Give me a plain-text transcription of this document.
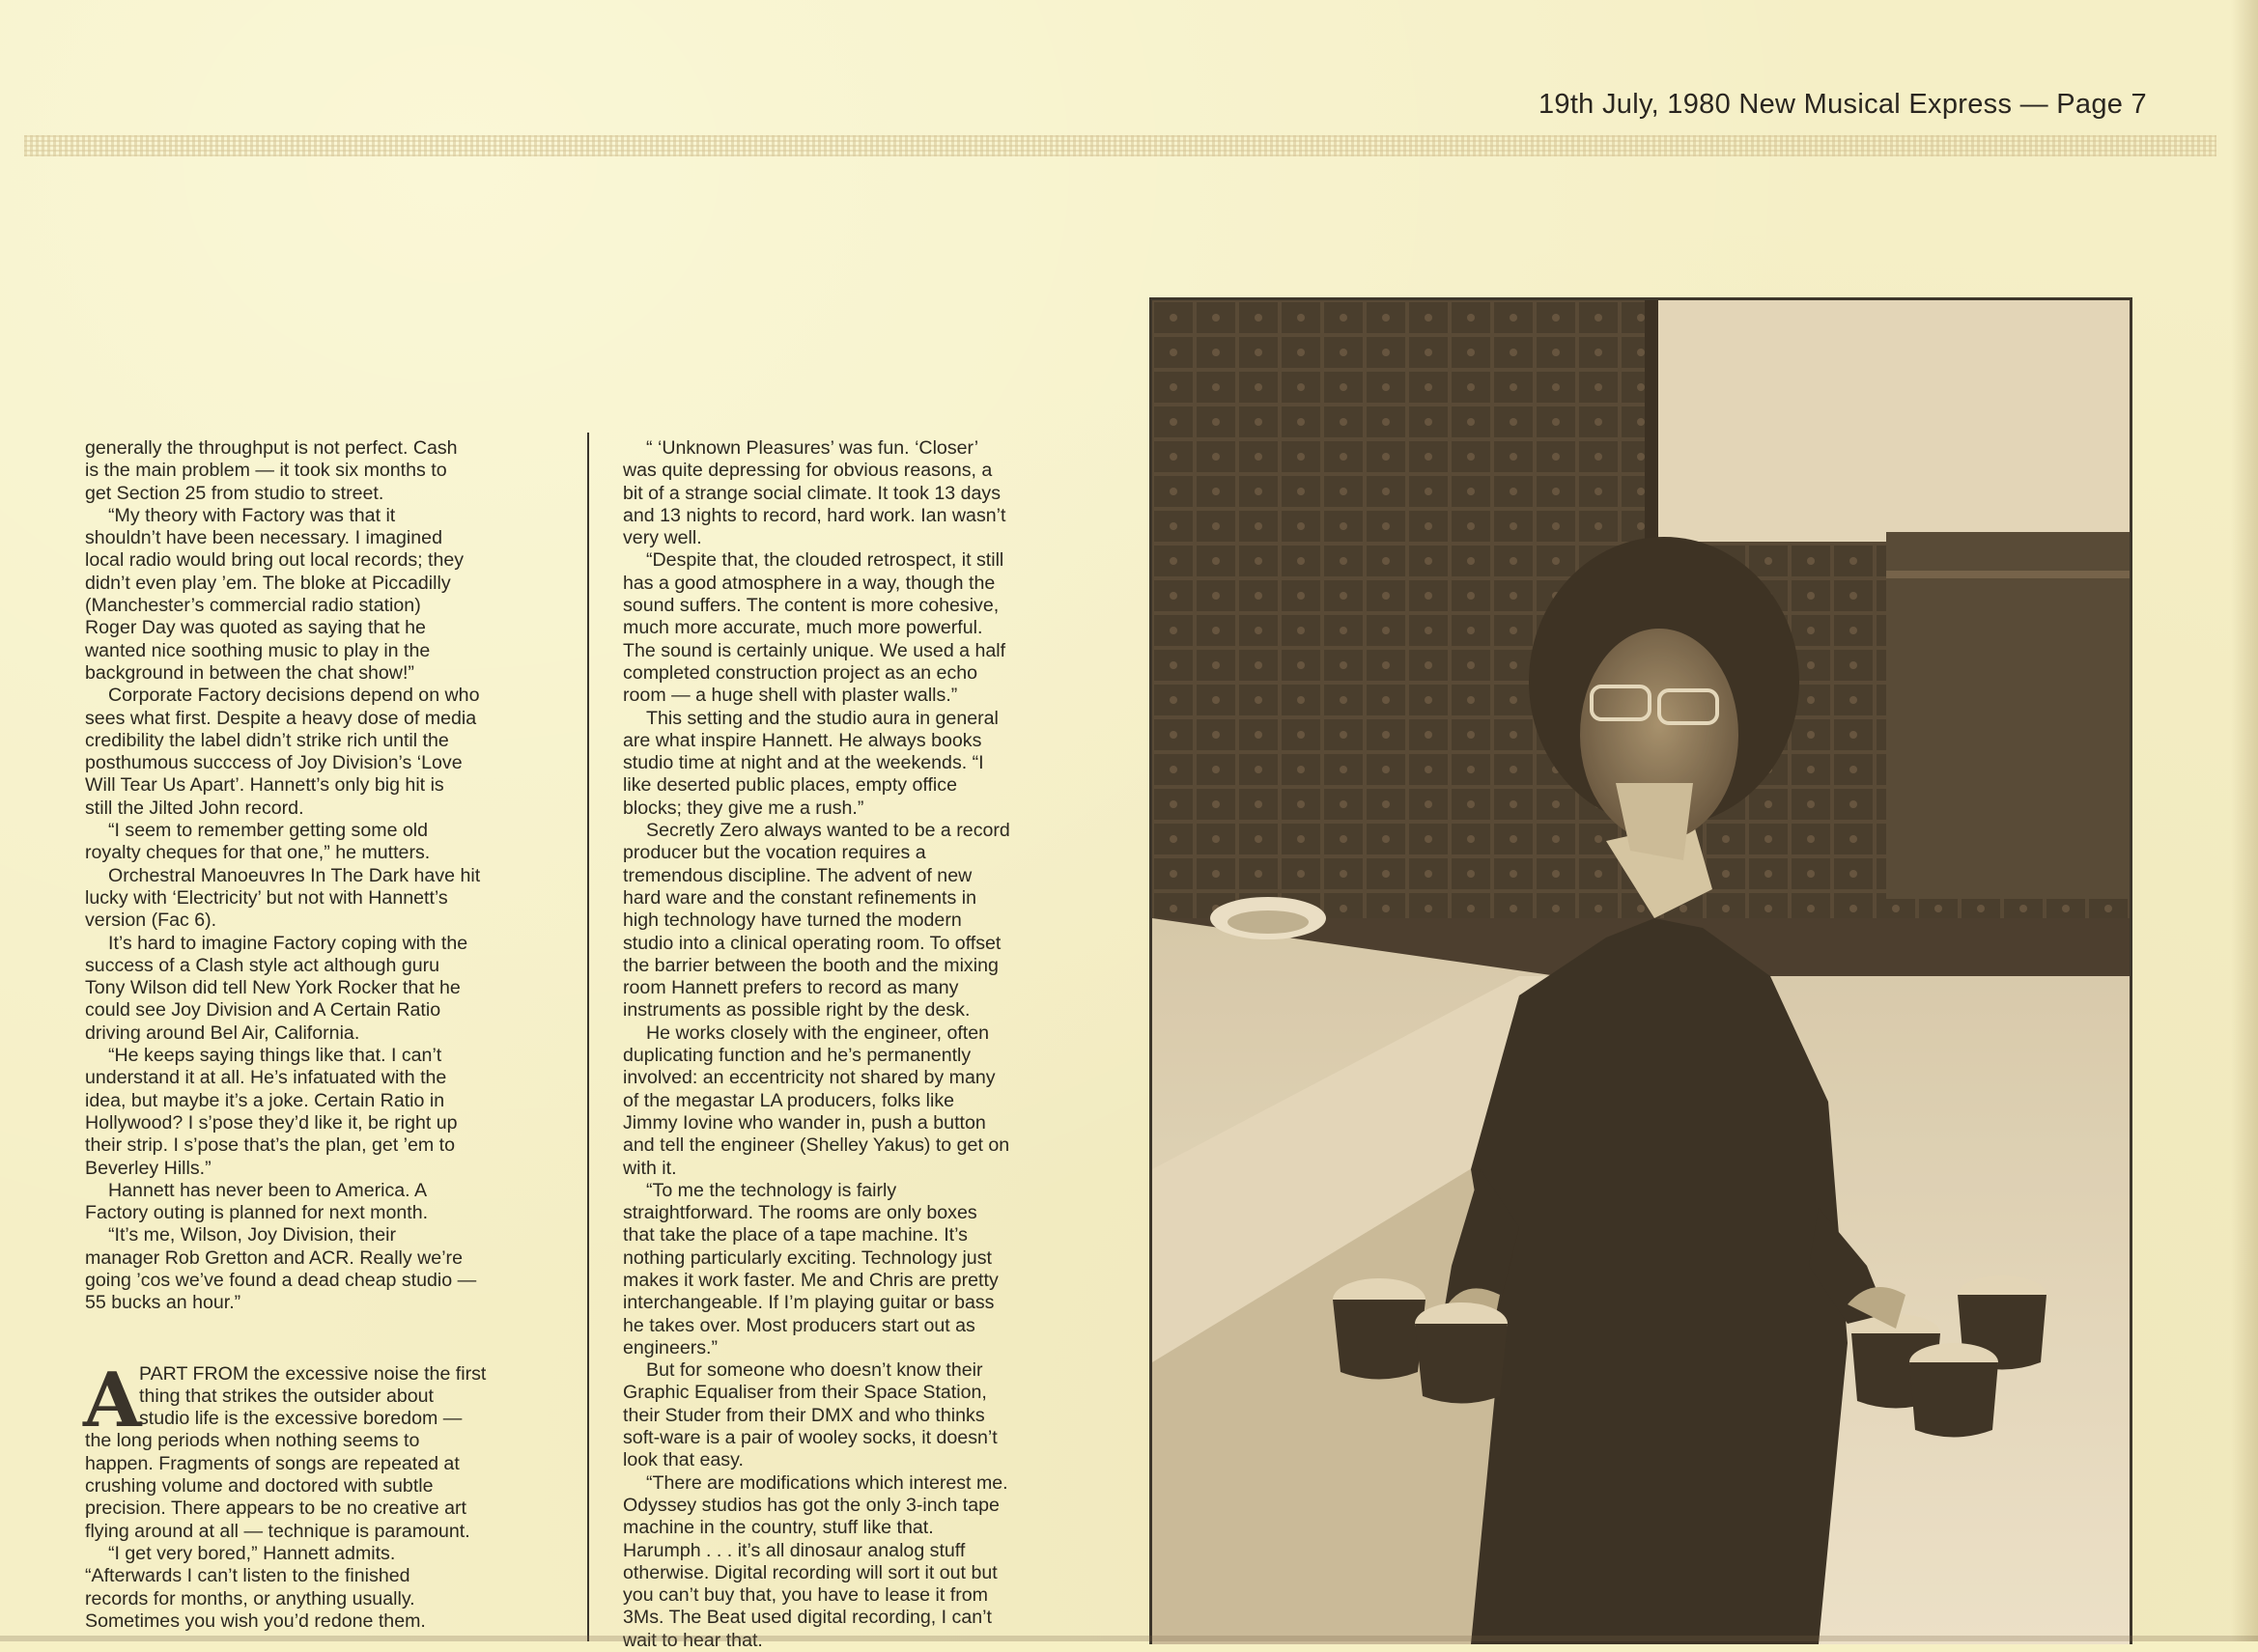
19th July, 1980 New Musical Express — Page 7
generally the throughput is not perfect. Cash
is the main problem — it took six months to
get Section 25 from studio to street.
“My theory with Factory was that it
shouldn’t have been necessary. I imagined
local radio would bring out local records; they
didn’t even play ’em. The bloke at Piccadilly
(Manchester’s commercial radio station)
Roger Day was quoted as saying that he
wanted nice soothing music to play in the
background in between the chat show!”
Corporate Factory decisions depend on who
sees what first. Despite a heavy dose of media
credibility the label didn’t strike rich until the
posthumous succcess of Joy Division’s ‘Love
Will Tear Us Apart’. Hannett’s only big hit is
still the Jilted John record.
“I seem to remember getting some old
royalty cheques for that one,” he mutters.
Orchestral Manoeuvres In The Dark have hit
lucky with ‘Electricity’ but not with Hannett’s
version (Fac 6).
It’s hard to imagine Factory coping with the
success of a Clash style act although guru
Tony Wilson did tell New York Rocker that he
could see Joy Division and A Certain Ratio
driving around Bel Air, California.
“He keeps saying things like that. I can’t
understand it at all. He’s infatuated with the
idea, but maybe it’s a joke. Certain Ratio in
Hollywood? I s’pose they’d like it, be right up
their strip. I s’pose that’s the plan, get ’em to
Beverley Hills.”
Hannett has never been to America. A
Factory outing is planned for next month.
“It’s me, Wilson, Joy Division, their
manager Rob Gretton and ACR. Really we’re
going ’cos we’ve found a dead cheap studio —
55 bucks an hour.”
A
PART FROM the excessive noise the first
thing that strikes the outsider about
studio life is the excessive boredom —
the long periods when nothing seems to
happen. Fragments of songs are repeated at
crushing volume and doctored with subtle
precision. There appears to be no creative art
flying around at all — technique is paramount.
“I get very bored,” Hannett admits.
“Afterwards I can’t listen to the finished
records for months, or anything usually.
Sometimes you wish you’d redone them.
“ ‘Unknown Pleasures’ was fun. ‘Closer’
was quite depressing for obvious reasons, a
bit of a strange social climate. It took 13 days
and 13 nights to record, hard work. Ian wasn’t
very well.
“Despite that, the clouded retrospect, it still
has a good atmosphere in a way, though the
sound suffers. The content is more cohesive,
much more accurate, much more powerful.
The sound is certainly unique. We used a half
completed construction project as an echo
room — a huge shell with plaster walls.”
This setting and the studio aura in general
are what inspire Hannett. He always books
studio time at night and at the weekends. “I
like deserted public places, empty office
blocks; they give me a rush.”
Secretly Zero always wanted to be a record
producer but the vocation requires a
tremendous discipline. The advent of new
hard ware and the constant refinements in
high technology have turned the modern
studio into a clinical operating room. To offset
the barrier between the booth and the mixing
room Hannett prefers to record as many
instruments as possible right by the desk.
He works closely with the engineer, often
duplicating function and he’s permanently
involved: an eccentricity not shared by many
of the megastar LA producers, folks like
Jimmy Iovine who wander in, push a button
and tell the engineer (Shelley Yakus) to get on
with it.
“To me the technology is fairly
straightforward. The rooms are only boxes
that take the place of a tape machine. It’s
nothing particularly exciting. Technology just
makes it work faster. Me and Chris are pretty
interchangeable. If I’m playing guitar or bass
he takes over. Most producers start out as
engineers.”
But for someone who doesn’t know their
Graphic Equaliser from their Space Station,
their Studer from their DMX and who thinks
soft-ware is a pair of wooley socks, it doesn’t
look that easy.
“There are modifications which interest me.
Odyssey studios has got the only 3-inch tape
machine in the country, stuff like that.
Harumph . . . it’s all dinosaur analog stuff
otherwise. Digital recording will sort it out but
you can’t buy that, you have to lease it from
3Ms. The Beat used digital recording, I can’t
wait to hear that.
